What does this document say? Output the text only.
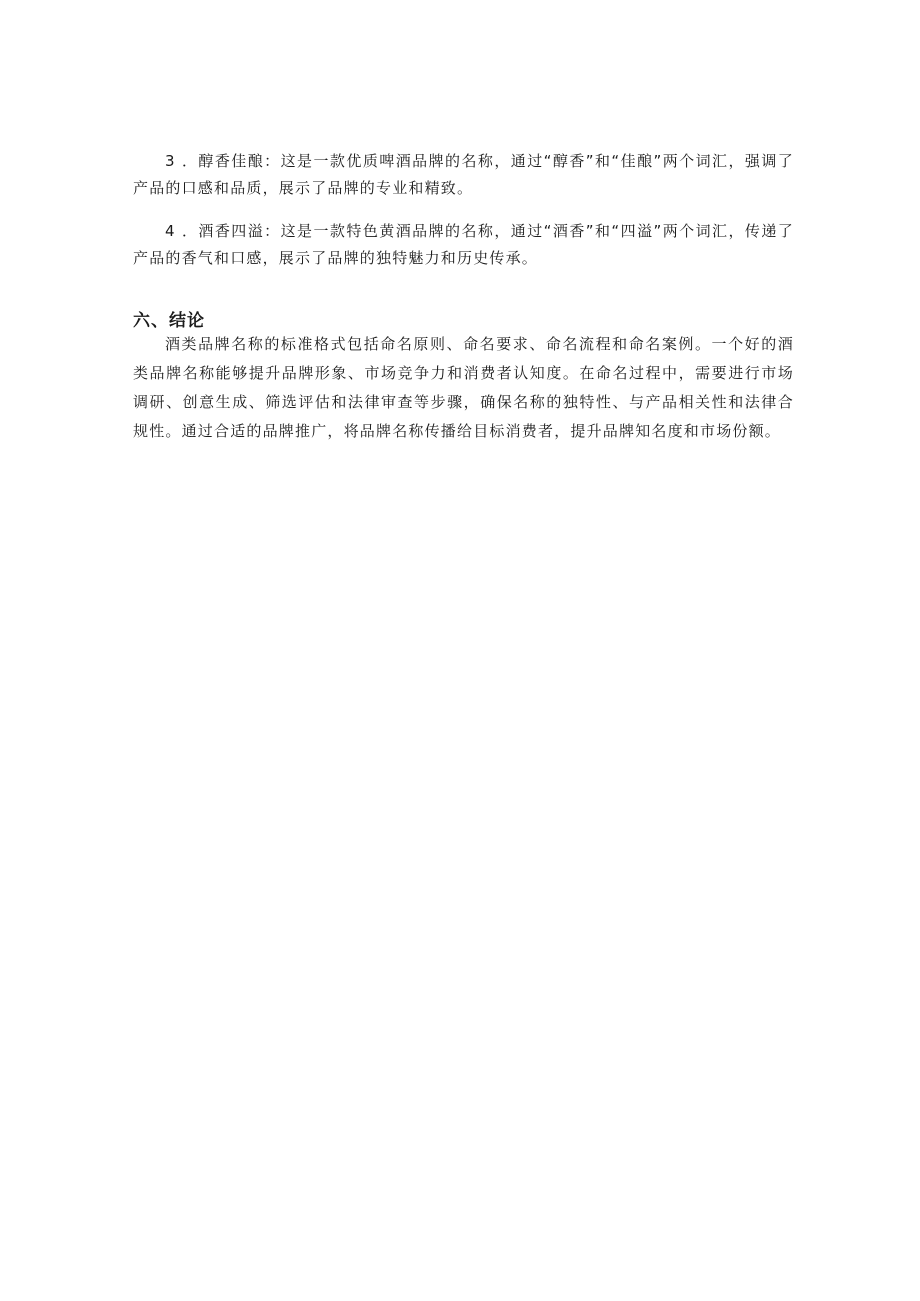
3 ．醇香佳酿：这是一款优质啤酒品牌的名称，通过“醇香”和“佳酿”两个词汇，强调了产品的口感和品质，展示了品牌的专业和精致。

4 ．酒香四溢：这是一款特色黄酒品牌的名称，通过“酒香”和“四溢”两个词汇，传递了产品的香气和口感，展示了品牌的独特魅力和历史传承。

六、结论

酒类品牌名称的标准格式包括命名原则、命名要求、命名流程和命名案例。一个好的酒类品牌名称能够提升品牌形象、市场竞争力和消费者认知度。在命名过程中，需要进行市场调研、创意生成、筛选评估和法律审查等步骤，确保名称的独特性、与产品相关性和法律合规性。通过合适的品牌推广，将品牌名称传播给目标消费者，提升品牌知名度和市场份额。
